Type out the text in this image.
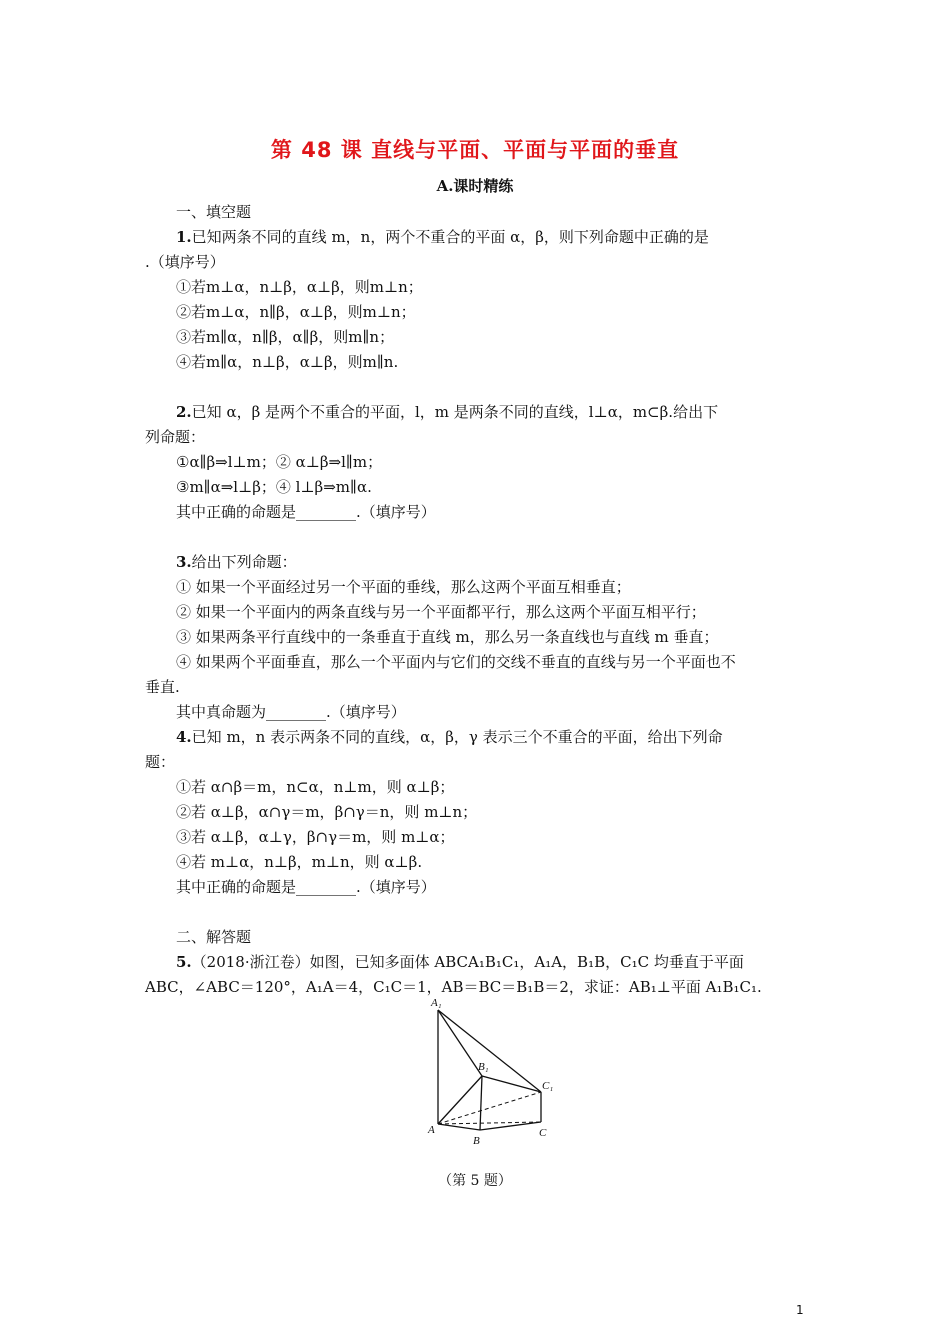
第 48 课 直线与平面、平面与平面的垂直
A.课时精练

一、填空题

1.已知两条不同的直线 m，n，两个不重合的平面 α，β，则下列命题中正确的是

.（填序号）

①若m⊥α，n⊥β，α⊥β，则m⊥n；

②若m⊥α，n∥β，α⊥β，则m⊥n；

③若m∥α，n∥β，α∥β，则m∥n；

④若m∥α，n⊥β，α⊥β，则m∥n.

2.已知 α，β 是两个不重合的平面，l，m 是两条不同的直线，l⊥α，m⊂β.给出下

列命题：

①α∥β⇒l⊥m；② α⊥β⇒l∥m；

③m∥α⇒l⊥β；④ l⊥β⇒m∥α.

其中正确的命题是________.（填序号）

3.给出下列命题：

① 如果一个平面经过另一个平面的垂线，那么这两个平面互相垂直；

② 如果一个平面内的两条直线与另一个平面都平行，那么这两个平面互相平行；

③ 如果两条平行直线中的一条垂直于直线 m，那么另一条直线也与直线 m 垂直；

④ 如果两个平面垂直，那么一个平面内与它们的交线不垂直的直线与另一个平面也不

垂直.

其中真命题为________.（填序号）

4.已知 m，n 表示两条不同的直线，α，β，γ 表示三个不重合的平面，给出下列命

题：

①若 α∩β＝m，n⊂α，n⊥m，则 α⊥β；

②若 α⊥β，α∩γ＝m，β∩γ＝n，则 m⊥n；

③若 α⊥β，α⊥γ，β∩γ＝m，则 m⊥α；

④若 m⊥α，n⊥β，m⊥n，则 α⊥β.

其中正确的命题是________.（填序号）

二、解答题

5.（2018·浙江卷）如图，已知多面体 ABCA₁B₁C₁，A₁A，B₁B，C₁C 均垂直于平面

ABC，∠ABC＝120°，A₁A＝4，C₁C＝1，AB＝BC＝B₁B＝2，求证：AB₁⊥平面 A₁B₁C₁.

A₁
B₁
C₁
A
B
C
（第 5 题）
1
